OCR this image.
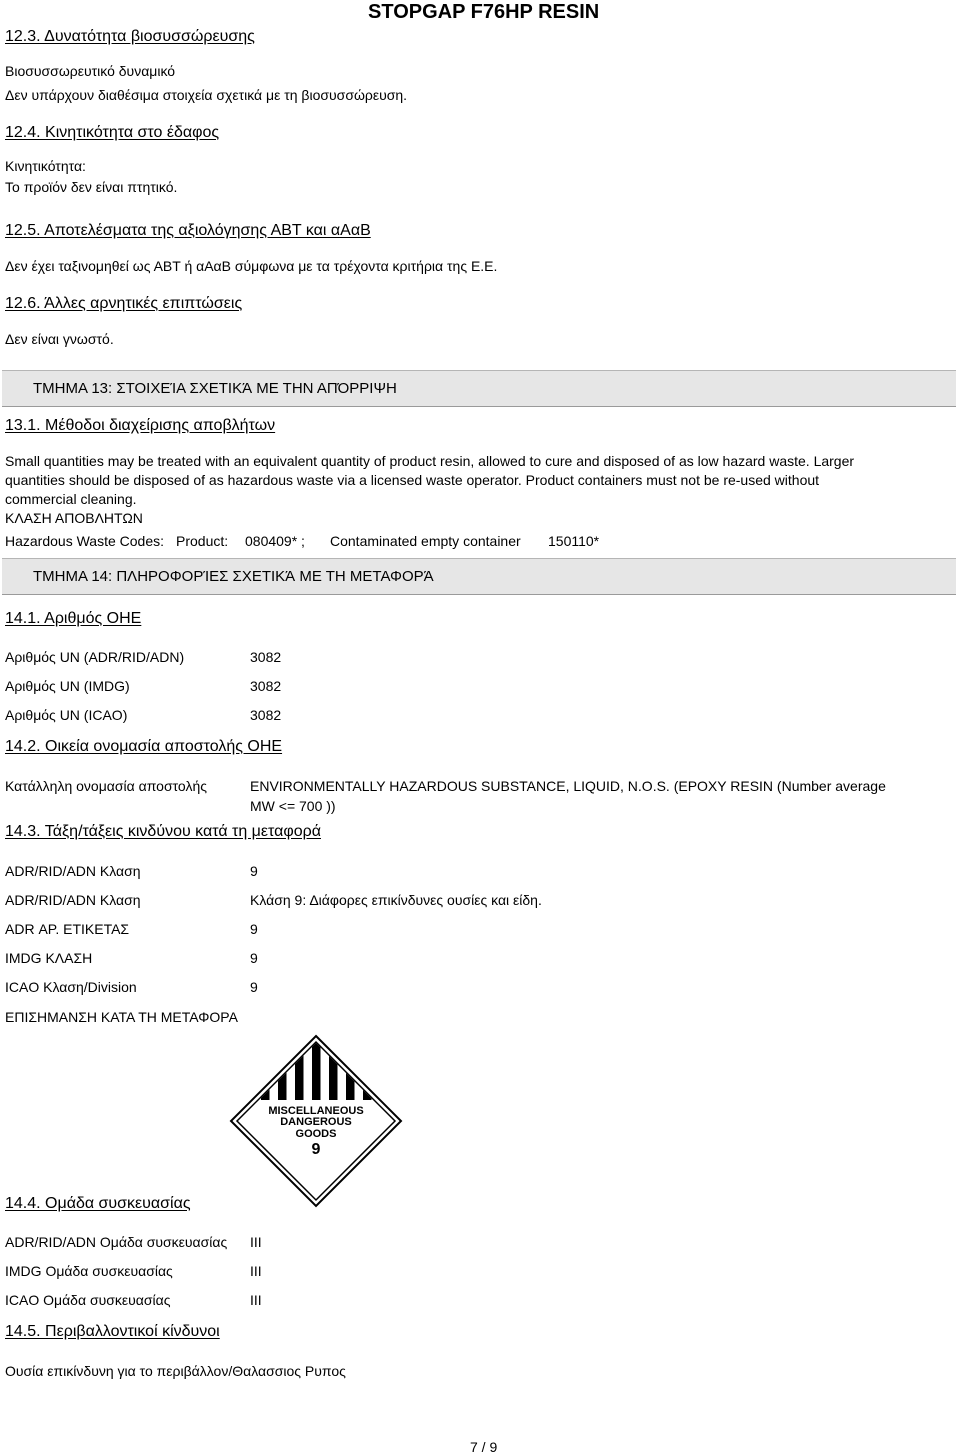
STOPGAP F76HP RESIN
12.3. Δυνατότητα βιοσυσσώρευσης
Βιοσυσσωρευτικό δυναμικό
Δεν υπάρχουν διαθέσιμα στοιχεία σχετικά με τη βιοσυσσώρευση.
12.4. Κινητικότητα στο έδαφος
Κινητικότητα:
Το προϊόν δεν είναι πτητικό.
12.5. Αποτελέσματα της αξιολόγησης ΑΒΤ και αΑαΒ
Δεν έχει ταξινομηθεί ως ΑΒΤ ή αΑαΒ σύμφωνα με τα τρέχοντα κριτήρια της Ε.Ε.
12.6. Άλλες αρνητικές επιπτώσεις
Δεν είναι γνωστό.
ΤΜΗΜΑ 13: ΣΤΟΙΧΕΊΑ ΣΧΕΤΙΚΆ ΜΕ ΤΗΝ ΑΠΌΡΡΙΨΗ
13.1. Μέθοδοι διαχείρισης αποβλήτων
Small quantities may be treated with an equivalent quantity of product resin, allowed to cure and disposed of as low hazard waste. Larger
quantities should be disposed of as hazardous waste via a licensed waste operator. Product containers must not be re-used without
commercial cleaning.
ΚΛΑΣΗ ΑΠΟΒΛΗΤΩΝ
Hazardous Waste Codes: Product: 080409* ; Contaminated empty container 150110*
ΤΜΗΜΑ 14: ΠΛΗΡΟΦΟΡΊΕΣ ΣΧΕΤΙΚΆ ΜΕ ΤΗ ΜΕΤΑΦΟΡΆ
14.1. Αριθμός ΟΗΕ
Αριθμός UN (ADR/RID/ADN)	3082
Αριθμός UN (IMDG)	3082
Αριθμός UN (ICAO)	3082
14.2. Οικεία ονομασία αποστολής ΟΗΕ
Κατάλληλη ονομασία αποστολής	ENVIRONMENTALLY HAZARDOUS SUBSTANCE, LIQUID, N.O.S. (EPOXY RESIN (Number average
MW <= 700 ))
14.3. Τάξη/τάξεις κινδύνου κατά τη μεταφορά
ADR/RID/ADN Κλαση	9
ADR/RID/ADN Κλαση	Κλάση 9: Διάφορες επικίνδυνες ουσίες και είδη.
ADR ΑΡ. ΕΤΙΚΕΤΑΣ	9
IMDG ΚΛΑΣΗ	9
ICAO Κλαση/Division	9
ΕΠΙΣΗΜΑΝΣΗ ΚΑΤΑ ΤΗ ΜΕΤΑΦΟΡΑ
MISCELLANEOUS
DANGEROUS
GOODS
9
14.4. Ομάδα συσκευασίας
ADR/RID/ADN Ομάδα συσκευασίας III
IMDG Ομάδα συσκευασίας	III
ICAO Ομάδα συσκευασίας	III
14.5. Περιβαλλοντικοί κίνδυνοι
Ουσία επικίνδυνη για το περιβάλλον/Θαλασσιος Ρυπος
7 / 9
